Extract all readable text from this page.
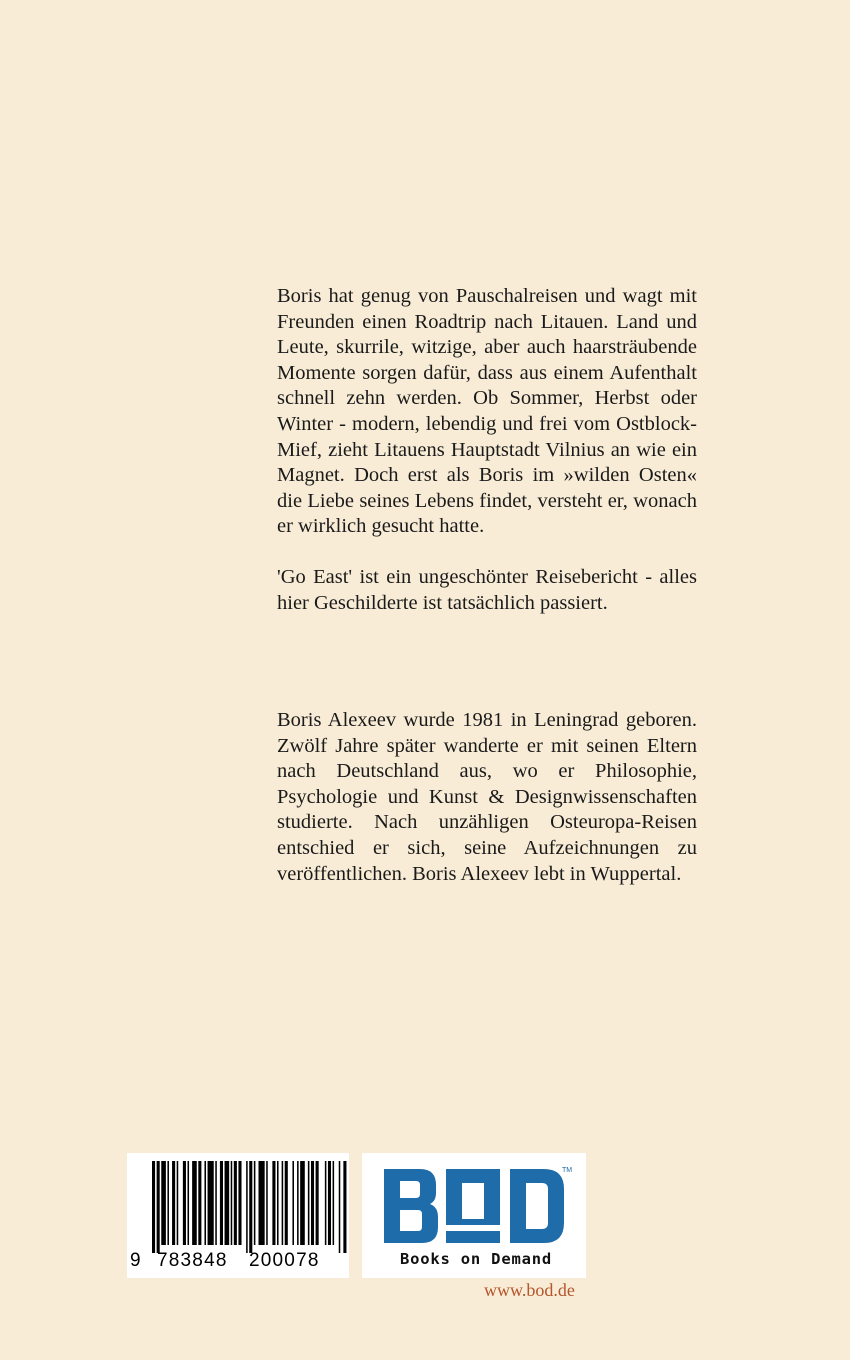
Boris hat genug von Pauschalreisen und wagt mit Freunden einen Roadtrip nach Litauen. Land und Leute, skurrile, witzige, aber auch haarsträubende Momente sorgen dafür, dass aus einem Aufenthalt schnell zehn werden. Ob Sommer, Herbst oder Winter - modern, lebendig und frei vom Ostblock-Mief, zieht Litauens Hauptstadt Vilnius an wie ein Magnet. Doch erst als Boris im »wilden Osten« die Liebe seines Lebens findet, versteht er, wonach er wirklich gesucht hatte.

'Go East' ist ein ungeschönter Reisebericht - alles hier Geschilderte ist tatsächlich passiert.

Boris Alexeev wurde 1981 in Leningrad geboren. Zwölf Jahre später wanderte er mit seinen Eltern nach Deutschland aus, wo er Philosophie, Psychologie und Kunst & Designwissenschaften studierte. Nach unzähligen Osteuropa-Reisen entschied er sich, seine Aufzeichnungen zu veröffentlichen. Boris Alexeev lebt in Wuppertal.

9 783848 200078
TM
Books on Demand
www.bod.de
